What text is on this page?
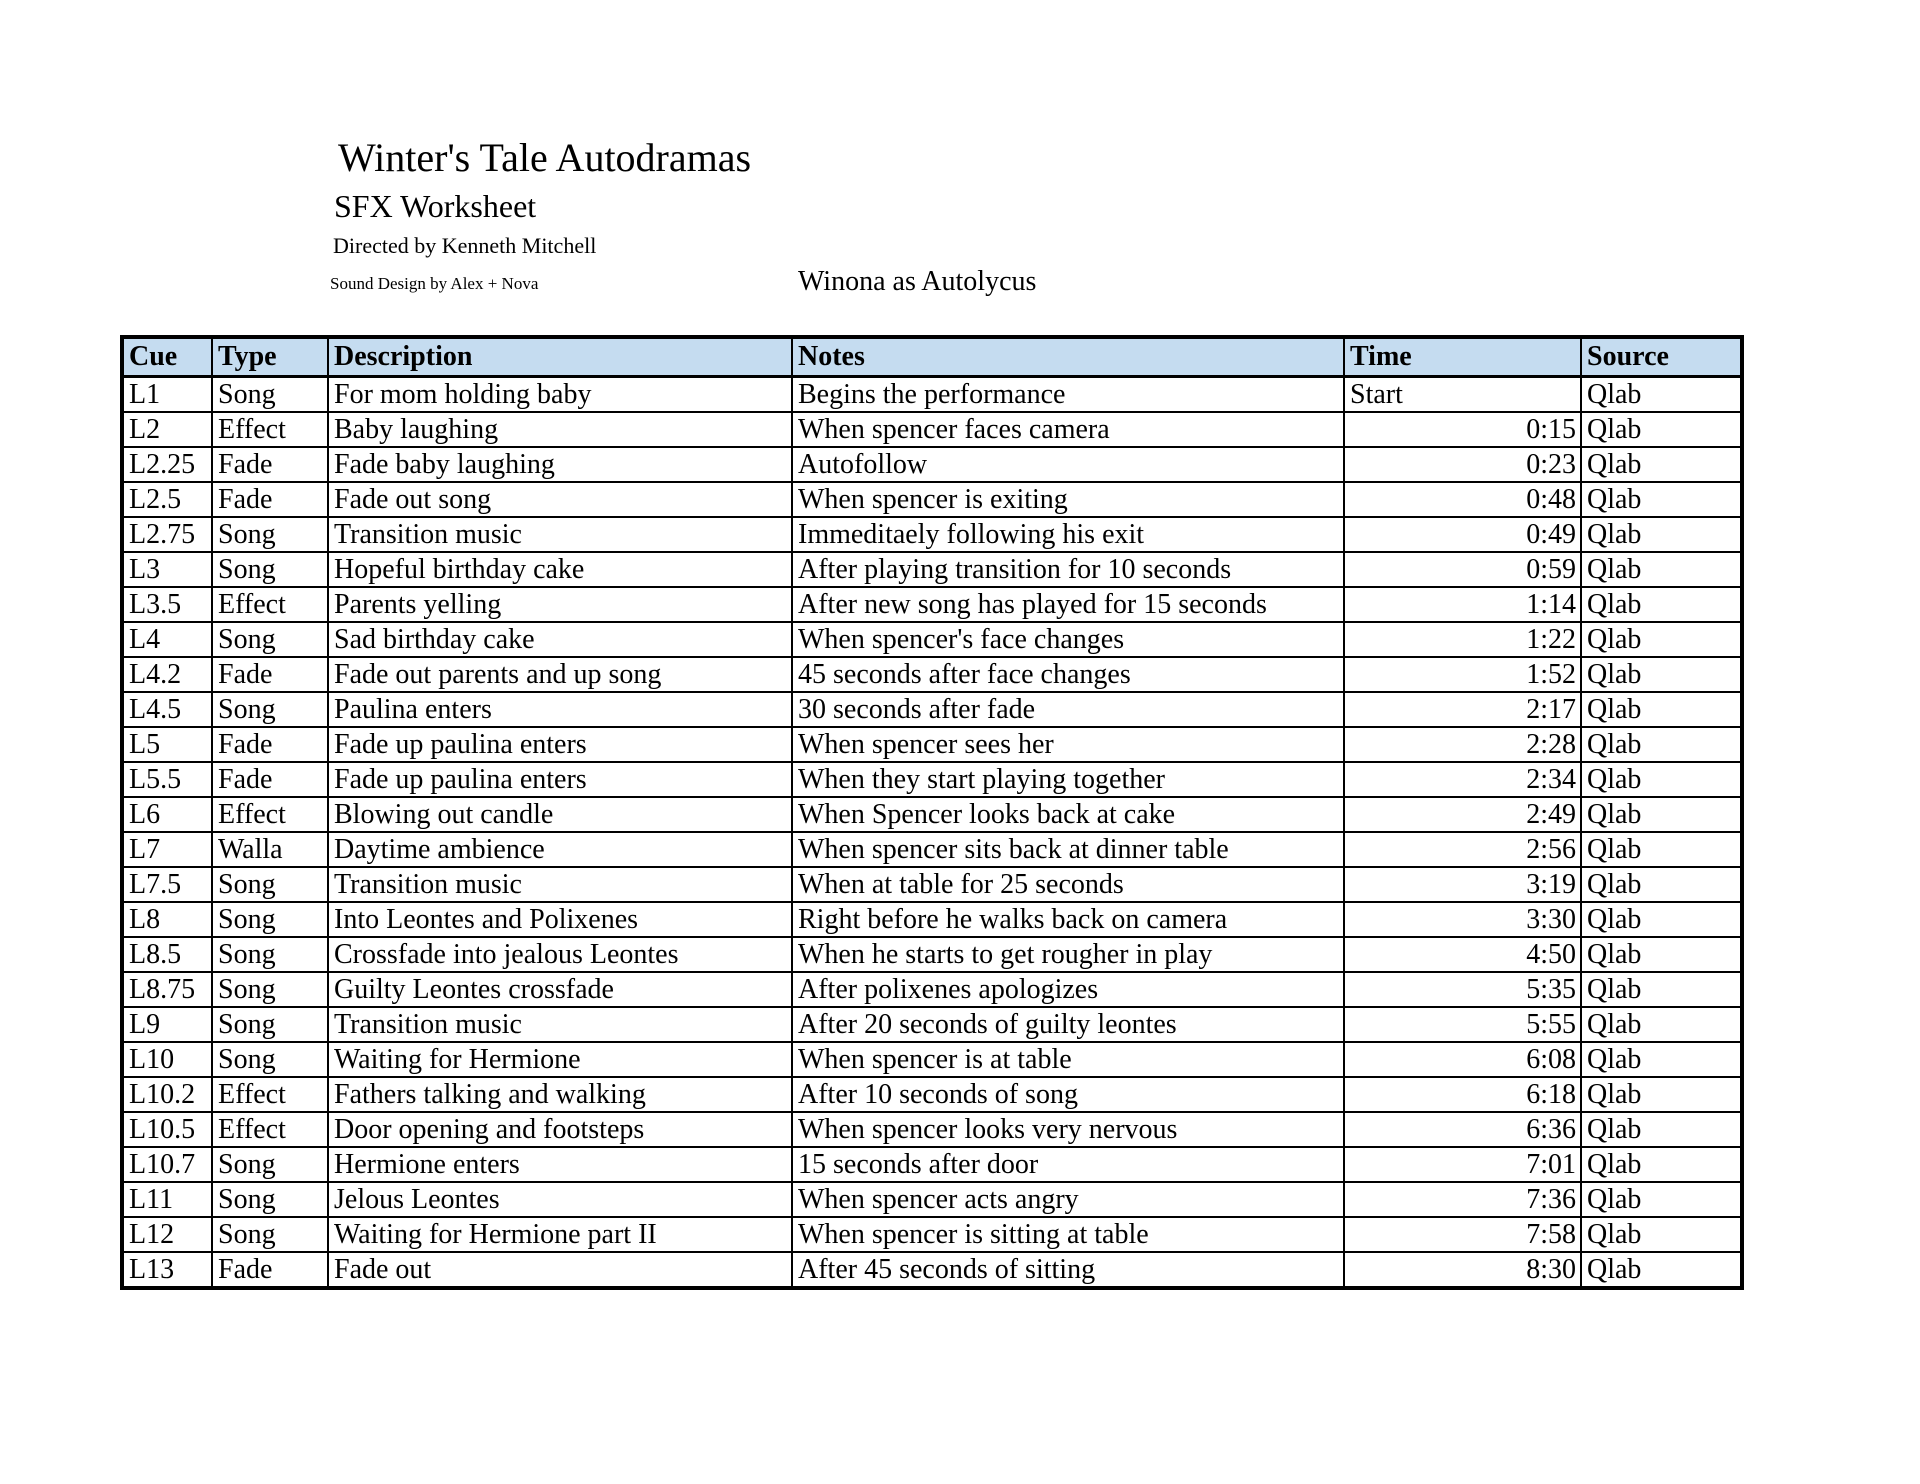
Winter's Tale Autodramas
SFX Worksheet
Directed by Kenneth Mitchell
Sound Design by Alex + Nova	Winona as Autolycus
Cue	Type	Description	Notes	Time	Source
L1	Song	For mom holding baby	Begins the performance	Start	Qlab
L2	Effect	Baby laughing	When spencer faces camera	0:15	Qlab
L2.25	Fade	Fade baby laughing	Autofollow	0:23	Qlab
L2.5	Fade	Fade out song	When spencer is exiting	0:48	Qlab
L2.75	Song	Transition music	Immeditaely following his exit	0:49	Qlab
L3	Song	Hopeful birthday cake	After playing transition for 10 seconds	0:59	Qlab
L3.5	Effect	Parents yelling	After new song has played for 15 seconds	1:14	Qlab
L4	Song	Sad birthday cake	When spencer's face changes	1:22	Qlab
L4.2	Fade	Fade out parents and up song	45 seconds after face changes	1:52	Qlab
L4.5	Song	Paulina enters	30 seconds after fade	2:17	Qlab
L5	Fade	Fade up paulina enters	When spencer sees her	2:28	Qlab
L5.5	Fade	Fade up paulina enters	When they start playing together	2:34	Qlab
L6	Effect	Blowing out candle	When Spencer looks back at cake	2:49	Qlab
L7	Walla	Daytime ambience	When spencer sits back at dinner table	2:56	Qlab
L7.5	Song	Transition music	When at table for 25 seconds	3:19	Qlab
L8	Song	Into Leontes and Polixenes	Right before he walks back on camera	3:30	Qlab
L8.5	Song	Crossfade into jealous Leontes	When he starts to get rougher in play	4:50	Qlab
L8.75	Song	Guilty Leontes crossfade	After polixenes apologizes	5:35	Qlab
L9	Song	Transition music	After 20 seconds of guilty leontes	5:55	Qlab
L10	Song	Waiting for Hermione	When spencer is at table	6:08	Qlab
L10.2	Effect	Fathers talking and walking	After 10 seconds of song	6:18	Qlab
L10.5	Effect	Door opening and footsteps	When spencer looks very nervous	6:36	Qlab
L10.7	Song	Hermione enters	15 seconds after door	7:01	Qlab
L11	Song	Jelous Leontes	When spencer acts angry	7:36	Qlab
L12	Song	Waiting for Hermione part II	When spencer is sitting at table	7:58	Qlab
L13	Fade	Fade out	After 45 seconds of sitting	8:30	Qlab
